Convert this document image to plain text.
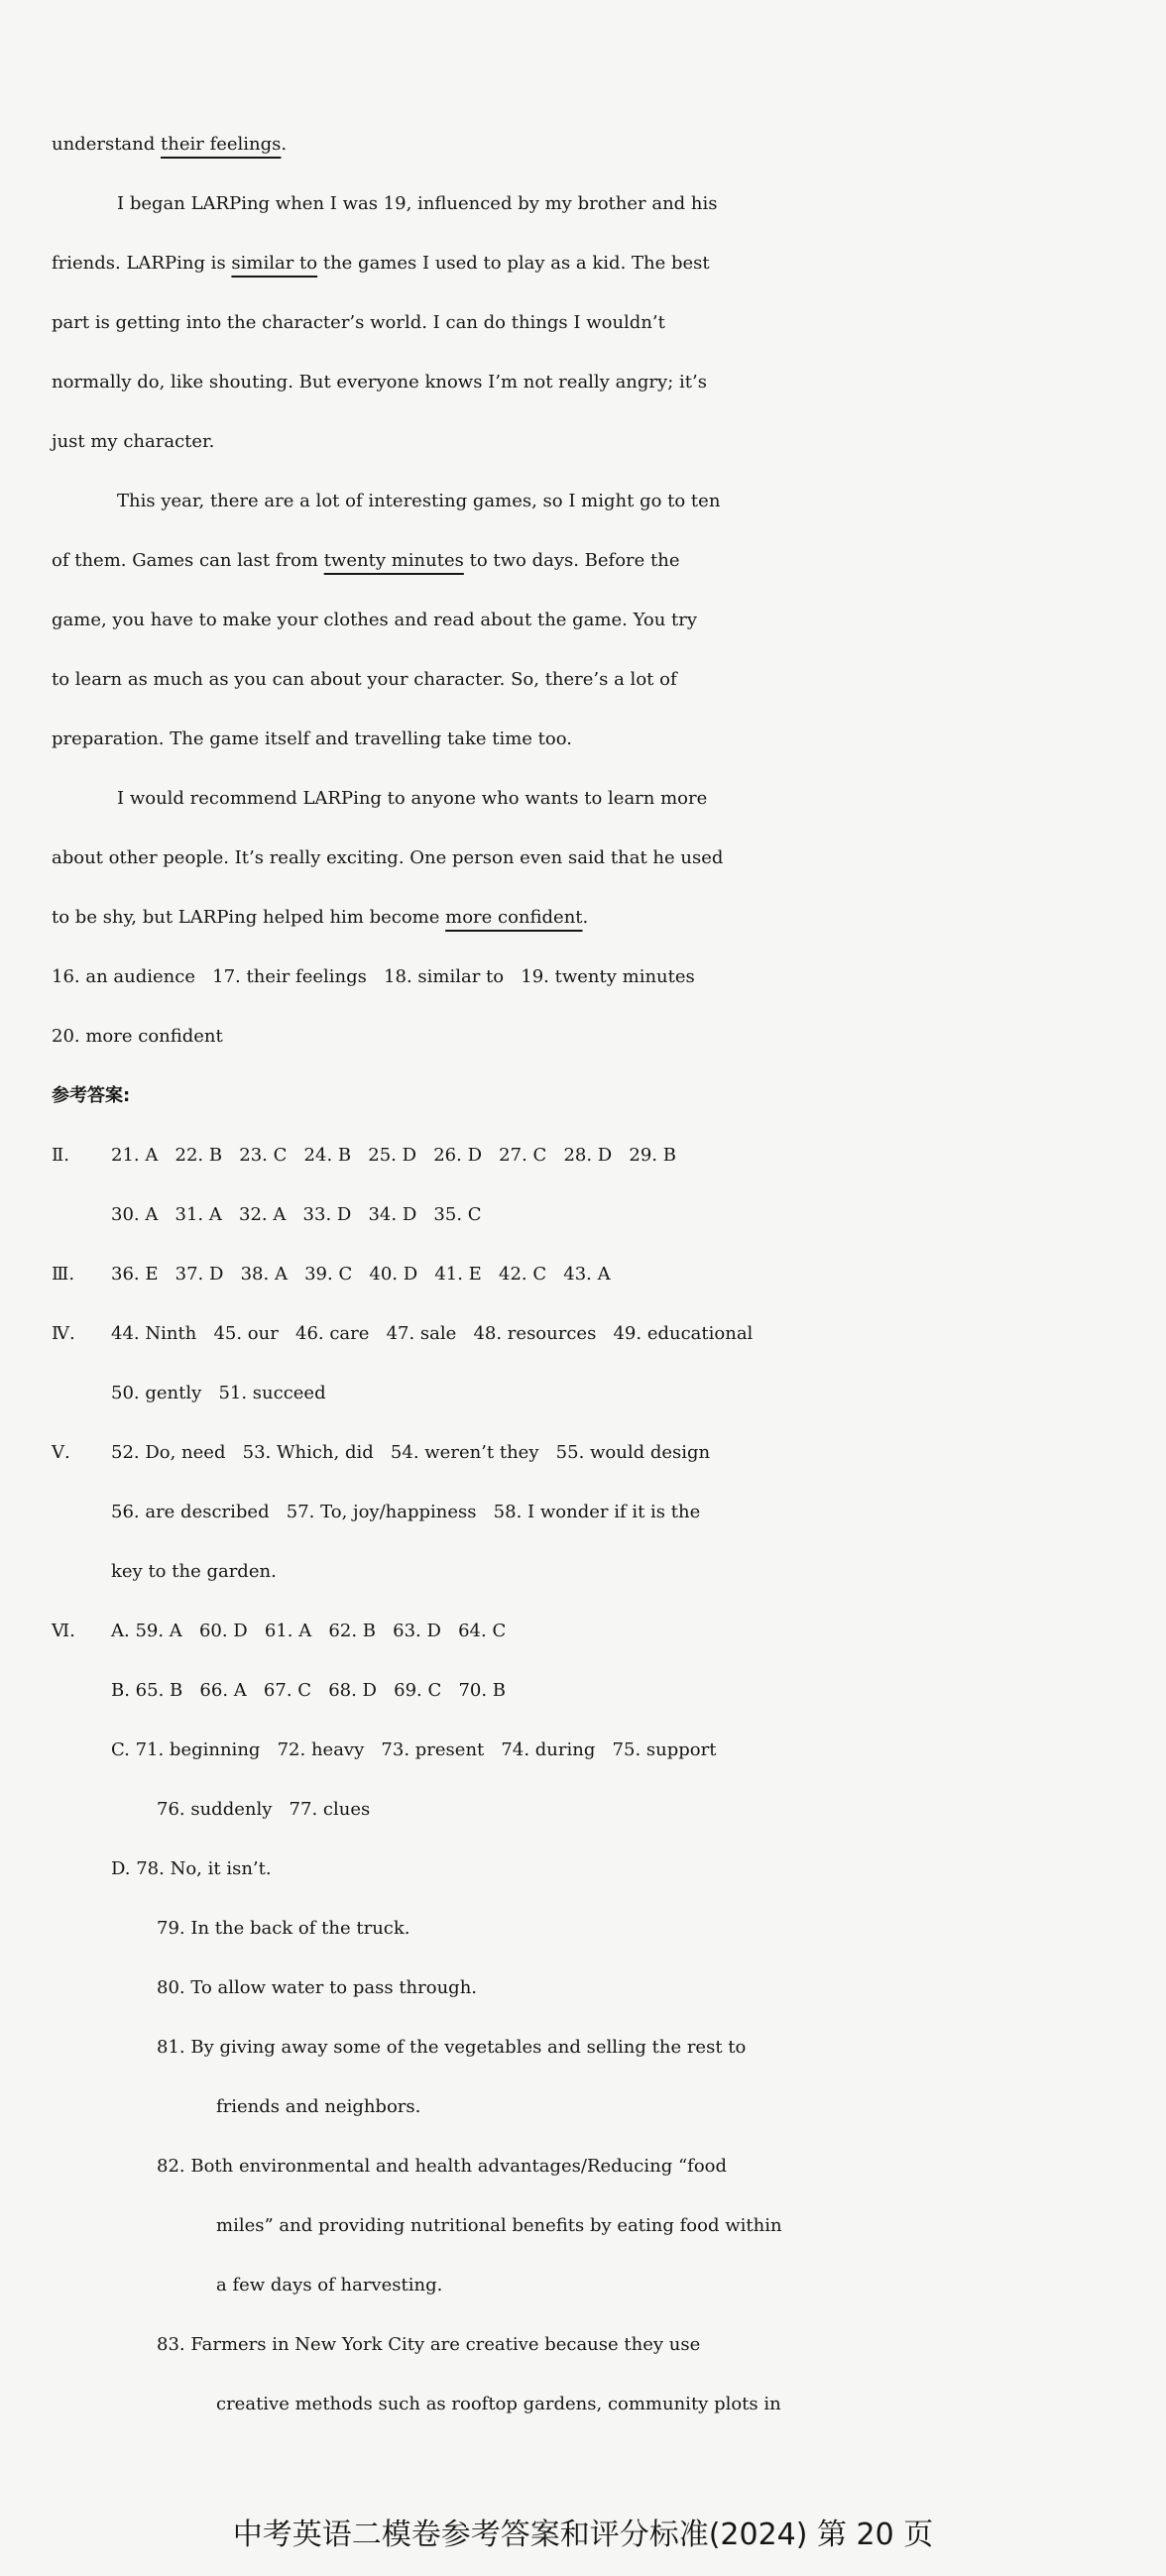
understand their feelings.
I began LARPing when I was 19, influenced by my brother and his
friends. LARPing is similar to the games I used to play as a kid. The best
part is getting into the character’s world. I can do things I wouldn’t
normally do, like shouting. But everyone knows I’m not really angry; it’s
just my character.
This year, there are a lot of interesting games, so I might go to ten
of them. Games can last from twenty minutes to two days. Before the
game, you have to make your clothes and read about the game. You try
to learn as much as you can about your character. So, there’s a lot of
preparation. The game itself and travelling take time too.
I would recommend LARPing to anyone who wants to learn more
about other people. It’s really exciting. One person even said that he used
to be shy, but LARPing helped him become more confident.
16. an audience   17. their feelings   18. similar to   19. twenty minutes
20. more confident
参考答案:
Ⅱ. 21. A   22. B   23. C   24. B   25. D   26. D   27. C   28. D   29. B
30. A   31. A   32. A   33. D   34. D   35. C
Ⅲ. 36. E   37. D   38. A   39. C   40. D   41. E   42. C   43. A
Ⅳ. 44. Ninth   45. our   46. care   47. sale   48. resources   49. educational
50. gently   51. succeed
Ⅴ. 52. Do, need   53. Which, did   54. weren’t they   55. would design
56. are described   57. To, joy/happiness   58. I wonder if it is the
key to the garden.
Ⅵ. A. 59. A   60. D   61. A   62. B   63. D   64. C
B. 65. B   66. A   67. C   68. D   69. C   70. B
C. 71. beginning   72. heavy   73. present   74. during   75. support
76. suddenly   77. clues
D. 78. No, it isn’t.
79. In the back of the truck.
80. To allow water to pass through.
81. By giving away some of the vegetables and selling the rest to
friends and neighbors.
82. Both environmental and health advantages/Reducing “food
miles” and providing nutritional benefits by eating food within
a few days of harvesting.
83. Farmers in New York City are creative because they use
creative methods such as rooftop gardens, community plots in
中考英语二模卷参考答案和评分标准(2024) 第 20 页
